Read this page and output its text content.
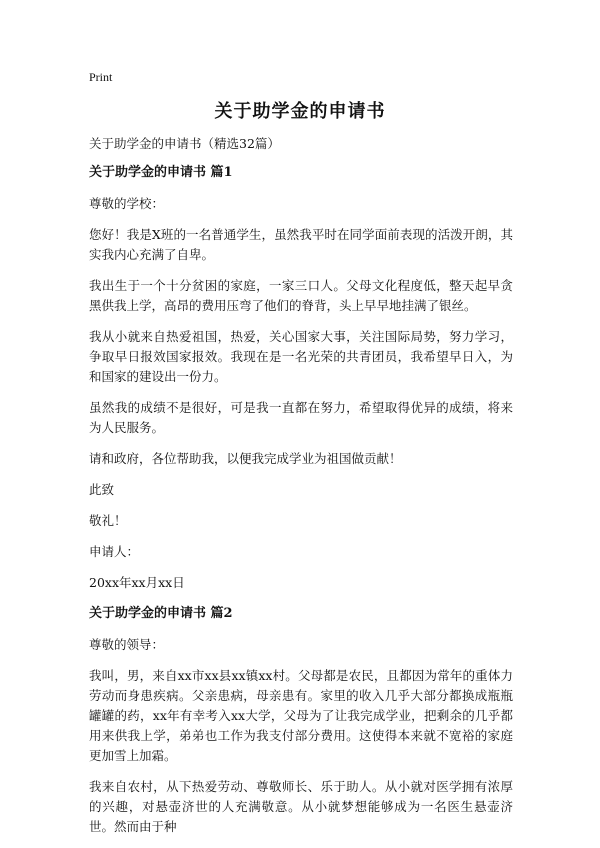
Print
关于助学金的申请书

关于助学金的申请书（精选32篇）

关于助学金的申请书 篇1

尊敬的学校：

您好！我是X班的一名普通学生，虽然我平时在同学面前表现的活泼开朗，其实我内心充满了自卑。

我出生于一个十分贫困的家庭，一家三口人。父母文化程度低，整天起早贪黑供我上学，高昂的费用压弯了他们的脊背，头上早早地挂满了银丝。

我从小就来自热爱祖国，热爱，关心国家大事，关注国际局势，努力学习，争取早日报效国家报效。我现在是一名光荣的共青团员，我希望早日入，为和国家的建设出一份力。

虽然我的成绩不是很好，可是我一直都在努力，希望取得优异的成绩，将来为人民服务。

请和政府，各位帮助我，以便我完成学业为祖国做贡献！

此致

敬礼！

申请人：

20xx年xx月xx日

关于助学金的申请书 篇2

尊敬的领导：

我叫，男，来自xx市xx县xx镇xx村。父母都是农民，且都因为常年的重体力劳动而身患疾病。父亲患病，母亲患有。家里的收入几乎大部分都换成瓶瓶罐罐的药，xx年有幸考入xx大学，父母为了让我完成学业，把剩余的几乎都用来供我上学，弟弟也工作为我支付部分费用。这使得本来就不宽裕的家庭更加雪上加霜。

我来自农村，从下热爱劳动、尊敬师长、乐于助人。从小就对医学拥有浓厚的兴趣，对悬壶济世的人充满敬意。从小就梦想能够成为一名医生悬壶济世。然而由于种
